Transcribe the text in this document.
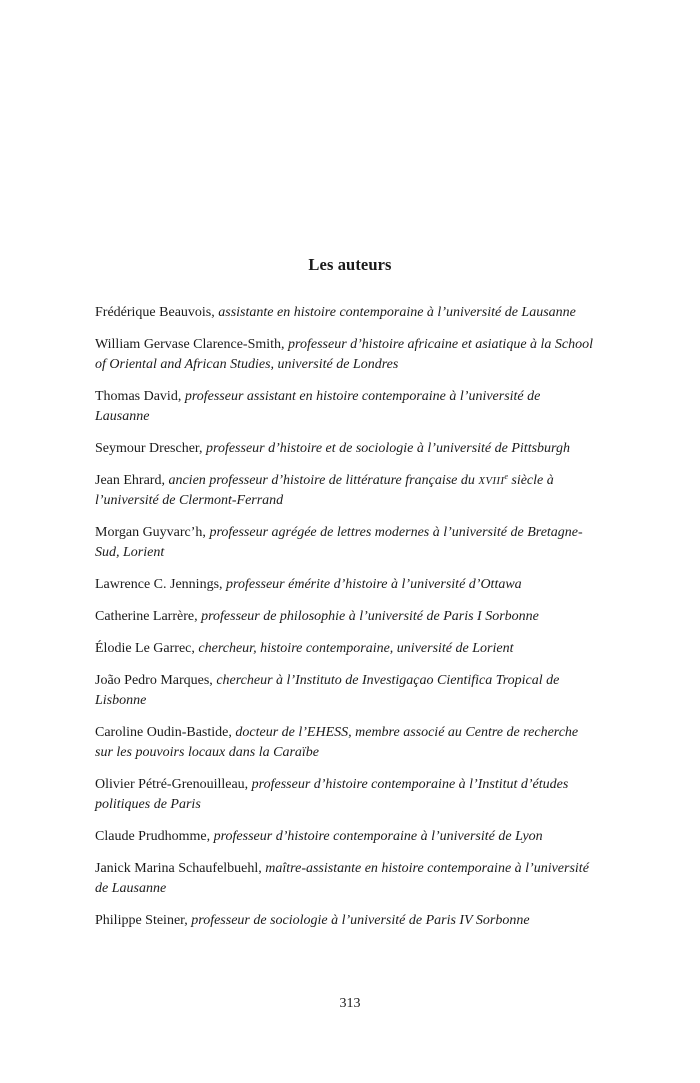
Les auteurs
Frédérique Beauvois, assistante en histoire contemporaine à l’université de Lausanne
William Gervase Clarence-Smith, professeur d’histoire africaine et asiatique à la School of Oriental and African Studies, université de Londres
Thomas David, professeur assistant en histoire contemporaine à l’université de Lausanne
Seymour Drescher, professeur d’histoire et de sociologie à l’université de Pittsburgh
Jean Ehrard, ancien professeur d’histoire de littérature française du XVIIIe siècle à l’université de Clermont-Ferrand
Morgan Guyvarc’h, professeur agrégée de lettres modernes à l’université de Bretagne-Sud, Lorient
Lawrence C. Jennings, professeur émérite d’histoire à l’université d’Ottawa
Catherine Larrère, professeur de philosophie à l’université de Paris I Sorbonne
Élodie Le Garrec, chercheur, histoire contemporaine, université de Lorient
João Pedro Marques, chercheur à l’Instituto de Investigaçao Cientifica Tropical de Lisbonne
Caroline Oudin-Bastide, docteur de l’EHESS, membre associé au Centre de recherche sur les pouvoirs locaux dans la Caraïbe
Olivier Pétré-Grenouilleau, professeur d’histoire contemporaine à l’Institut d’études politiques de Paris
Claude Prudhomme, professeur d’histoire contemporaine à l’université de Lyon
Janick Marina Schaufelbuehl, maître-assistante en histoire contemporaine à l’université de Lausanne
Philippe Steiner, professeur de sociologie à l’université de Paris IV Sorbonne
313
